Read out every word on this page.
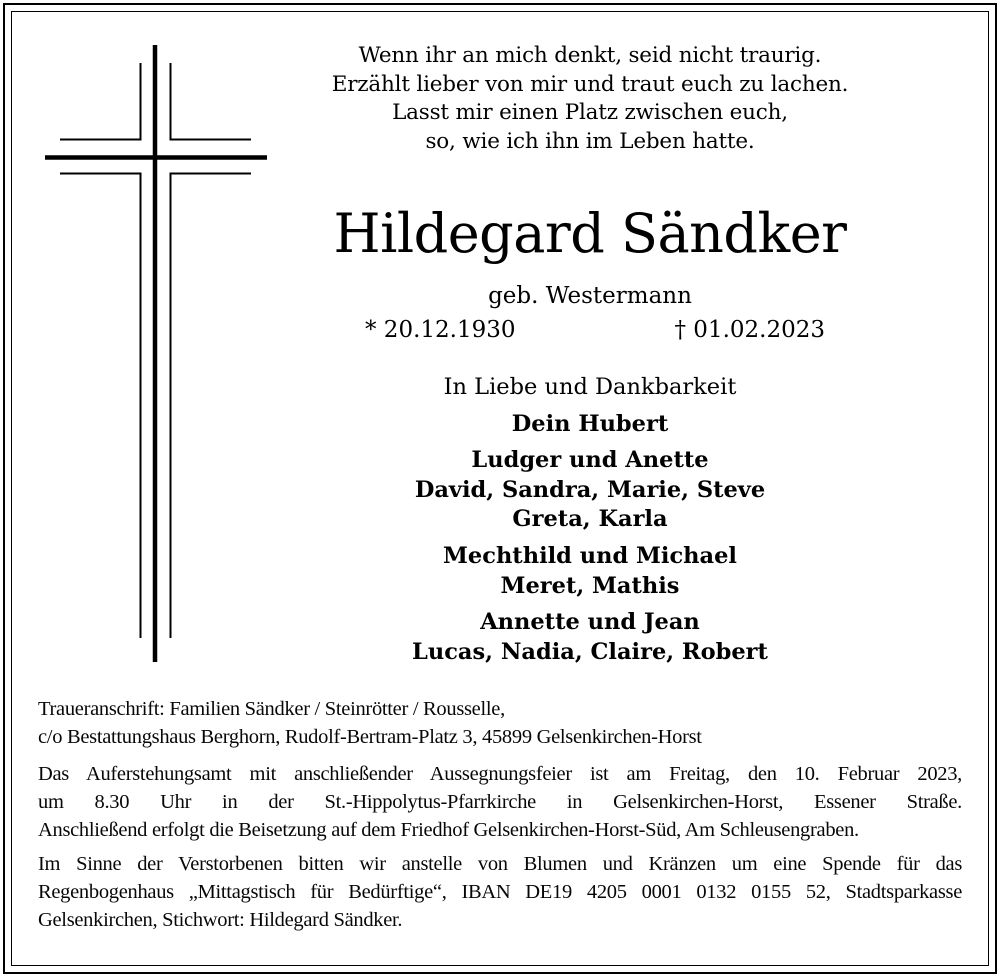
Wenn ihr an mich denkt, seid nicht traurig.
Erzählt lieber von mir und traut euch zu lachen.
Lasst mir einen Platz zwischen euch,
so, wie ich ihn im Leben hatte.
Hildegard Sändker
geb. Westermann
* 20.12.1930	† 01.02.2023
In Liebe und Dankbarkeit
Dein Hubert
Ludger und Anette
David, Sandra, Marie, Steve
Greta, Karla
Mechthild und Michael
Meret, Mathis
Annette und Jean
Lucas, Nadia, Claire, Robert
Traueranschrift: Familien Sändker / Steinrötter / Rousselle,
c/o Bestattungshaus Berghorn, Rudolf-Bertram-Platz 3, 45899 Gelsenkirchen-Horst
Das Auferstehungsamt mit anschließender Aussegnungsfeier ist am Freitag, den 10. Februar 2023,
um 8.30 Uhr in der St.-Hippolytus-Pfarrkirche in Gelsenkirchen-Horst, Essener Straße.
Anschließend erfolgt die Beisetzung auf dem Friedhof Gelsenkirchen-Horst-Süd, Am Schleusengraben.
Im Sinne der Verstorbenen bitten wir anstelle von Blumen und Kränzen um eine Spende für das
Regenbogenhaus „Mittagstisch für Bedürftige“, IBAN DE19 4205 0001 0132 0155 52, Stadtsparkasse
Gelsenkirchen, Stichwort: Hildegard Sändker.
